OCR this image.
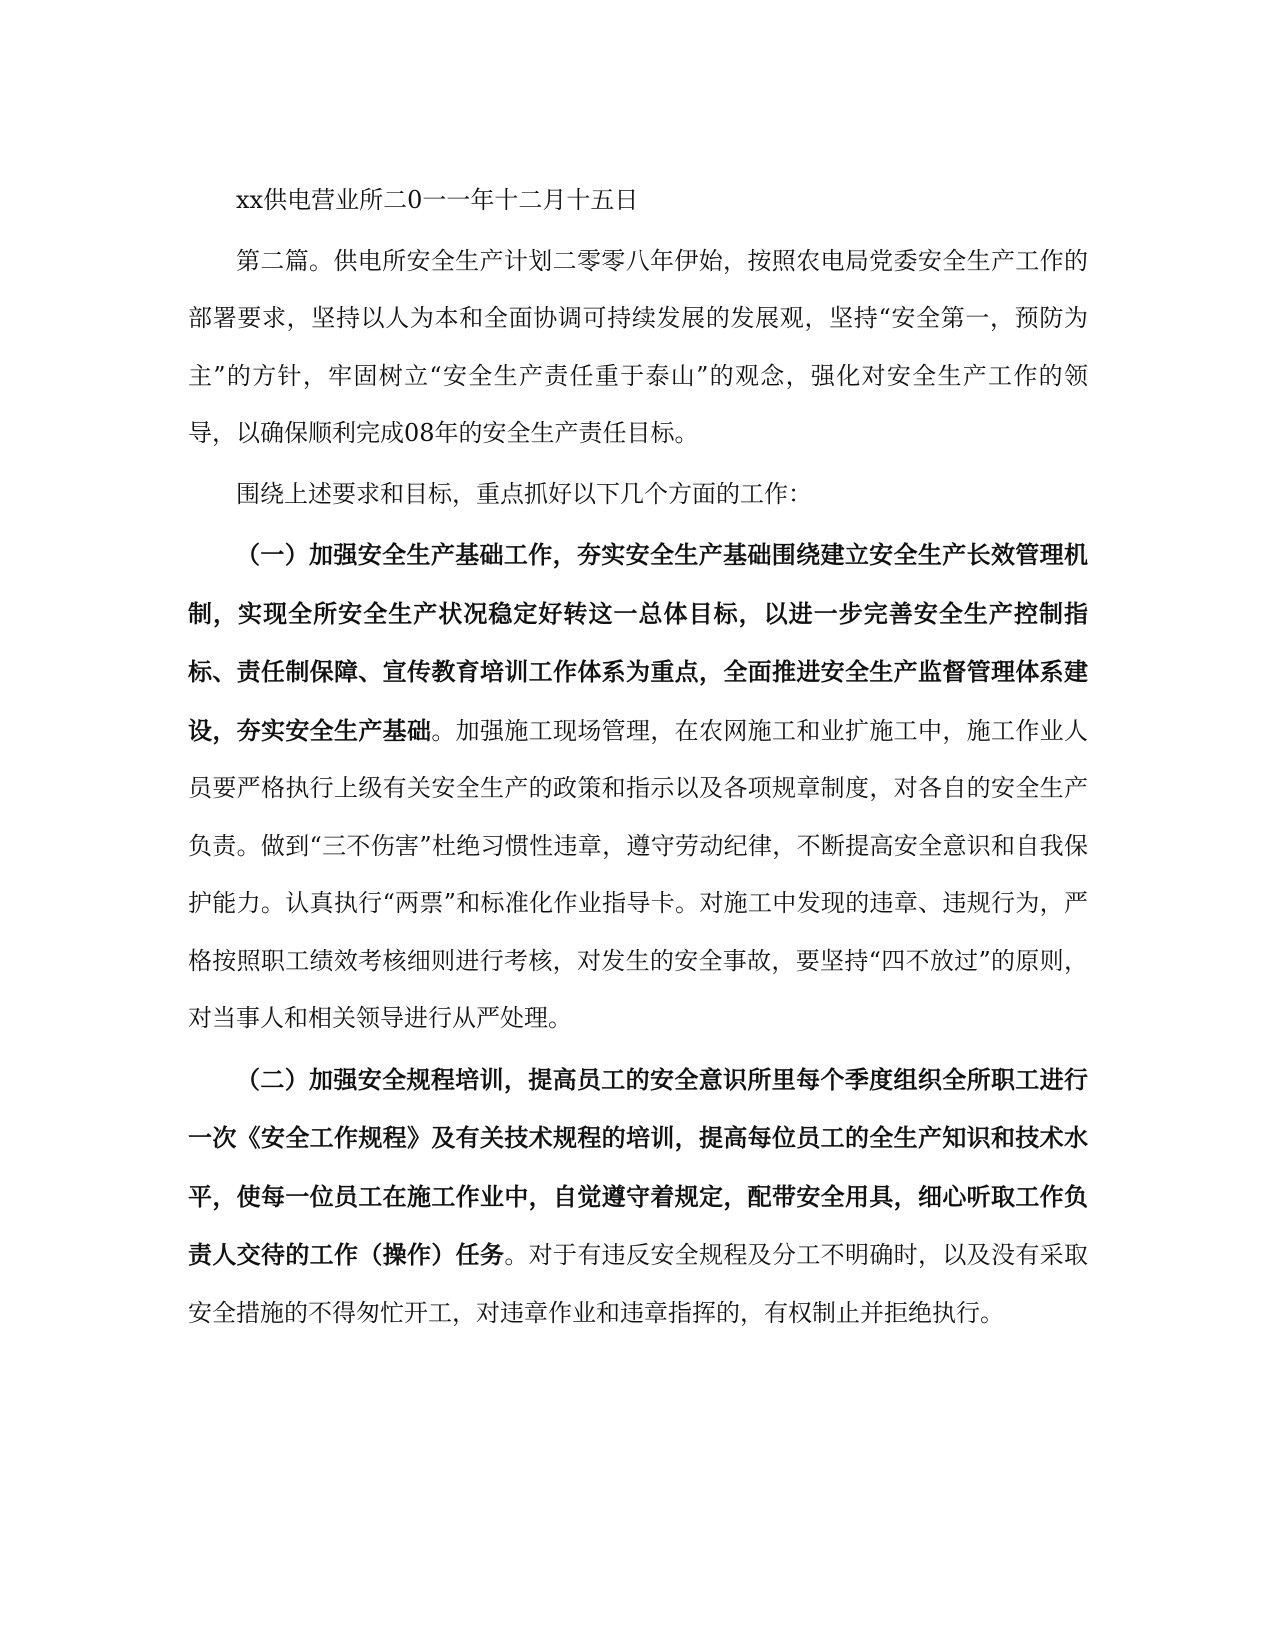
xx供电营业所二0一一年十二月十五日

第二篇。供电所安全生产计划二零零八年伊始，按照农电局党委安全生产工作的部署要求，坚持以人为本和全面协调可持续发展的发展观，坚持“安全第一，预防为主”的方针，牢固树立“安全生产责任重于泰山”的观念，强化对安全生产工作的领导，以确保顺利完成08年的安全生产责任目标。

围绕上述要求和目标，重点抓好以下几个方面的工作：

（一）加强安全生产基础工作，夯实安全生产基础围绕建立安全生产长效管理机制，实现全所安全生产状况稳定好转这一总体目标，以进一步完善安全生产控制指标、责任制保障、宣传教育培训工作体系为重点，全面推进安全生产监督管理体系建设，夯实安全生产基础。加强施工现场管理，在农网施工和业扩施工中，施工作业人员要严格执行上级有关安全生产的政策和指示以及各项规章制度，对各自的安全生产负责。做到“三不伤害”杜绝习惯性违章，遵守劳动纪律，不断提高安全意识和自我保护能力。认真执行“两票”和标准化作业指导卡。对施工中发现的违章、违规行为，严格按照职工绩效考核细则进行考核，对发生的安全事故，要坚持“四不放过”的原则，对当事人和相关领导进行从严处理。

（二）加强安全规程培训，提高员工的安全意识所里每个季度组织全所职工进行一次《安全工作规程》及有关技术规程的培训，提高每位员工的全生产知识和技术水平，使每一位员工在施工作业中，自觉遵守着规定，配带安全用具，细心听取工作负责人交待的工作（操作）任务。对于有违反安全规程及分工不明确时，以及没有采取安全措施的不得匆忙开工，对违章作业和违章指挥的，有权制止并拒绝执行。
